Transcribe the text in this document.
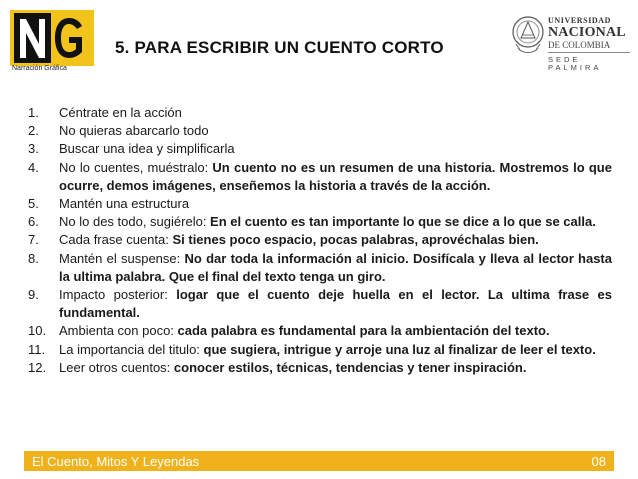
Narración Gráfica
5. PARA ESCRIBIR UN CUENTO CORTO
UNIVERSIDAD
NACIONAL
DE COLOMBIA
SEDE PALMIRA
1. Céntrate en la acción
2. No quieras abarcarlo todo
3. Buscar una idea y simplificarla
4. No lo cuentes, muéstralo: Un cuento no es un resumen de una historia. Mostremos lo que ocurre, demos imágenes, enseñemos la historia a través de la acción.
5. Mantén una estructura
6. No lo des todo, sugiérelo: En el cuento es tan importante lo que se dice a lo que se calla.
7. Cada frase cuenta: Si tienes poco espacio, pocas palabras, aprovéchalas bien.
8. Mantén el suspense: No dar toda la información al inicio. Dosifícala y lleva al lector hasta la ultima palabra. Que el final del texto tenga un giro.
9. Impacto posterior: logar que el cuento deje huella en el lector. La ultima frase es fundamental.
10. Ambienta con poco: cada palabra es fundamental para la ambientación del texto.
11. La importancia del titulo: que sugiera, intrigue y arroje una luz al finalizar de leer el texto.
12. Leer otros cuentos: conocer estilos, técnicas, tendencias y tener inspiración.
El Cuento, Mitos Y Leyendas	08
